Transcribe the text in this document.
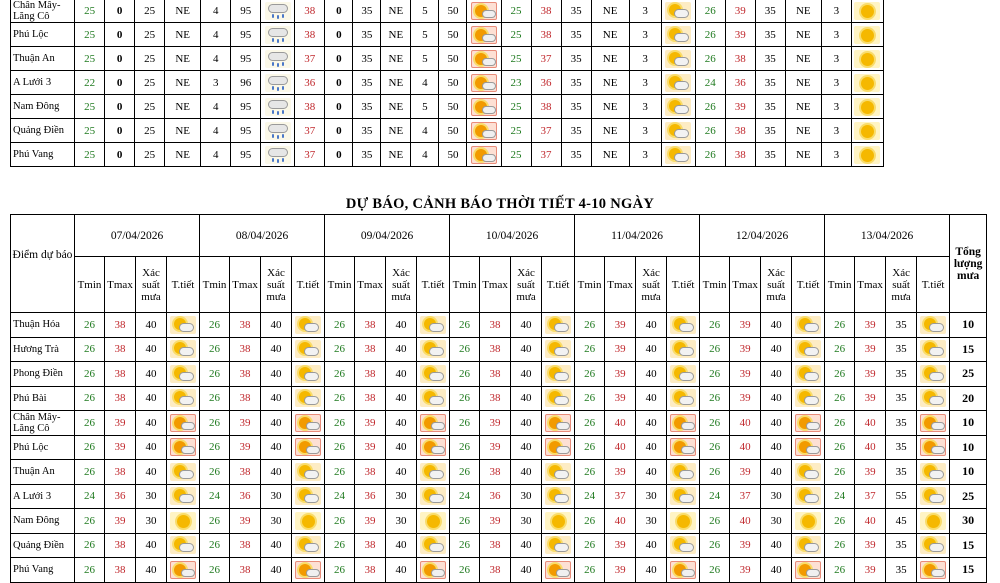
Chân Mây-Lăng Cô	25	0	25	NE	4	95		38	0	35	NE	5	50		25	38	35	NE	3		26	39	35	NE	3	

Phú Lộc	25	0	25	NE	4	95		38	0	35	NE	5	50		25	38	35	NE	3		26	39	35	NE	3	

Thuận An	25	0	25	NE	4	95		37	0	35	NE	5	50		25	37	35	NE	3		26	38	35	NE	3	

A Lưới 3	22	0	25	NE	3	96		36	0	35	NE	4	50		23	36	35	NE	3		24	36	35	NE	3	

Nam Đông	25	0	25	NE	4	95		38	0	35	NE	5	50		25	38	35	NE	3		26	39	35	NE	3	

Quảng Điền	25	0	25	NE	4	95		37	0	35	NE	4	50		25	37	35	NE	3		26	38	35	NE	3	

Phú Vang	25	0	25	NE	4	95		37	0	35	NE	4	50		25	37	35	NE	3		26	38	35	NE	3	
DỰ BÁO, CẢNH BÁO THỜI TIẾT 4-10 NGÀY
Điểm dự báo	07/04/2026				08/04/2026				09/04/2026				10/04/2026				11/04/2026				12/04/2026				13/04/2026				Tổng lượng mưa
	Tmin	Tmax	Xác suất mưa	T.tiết	Tmin	Tmax	Xác suất mưa	T.tiết	Tmin	Tmax	Xác suất mưa	T.tiết	Tmin	Tmax	Xác suất mưa	T.tiết	Tmin	Tmax	Xác suất mưa	T.tiết	Tmin	Tmax	Xác suất mưa	T.tiết	Tmin	Tmax	Xác suất mưa	T.tiết	
Thuận Hóa	26	38	40		26	38	40		26	38	40		26	38	40		26	39	40		26	39	40		26	39	35		10
Hương Trà	26	38	40		26	38	40		26	38	40		26	38	40		26	39	40		26	39	40		26	39	35		15
Phong Điền	26	38	40		26	38	40		26	38	40		26	38	40		26	39	40		26	39	40		26	39	35		25
Phú Bài	26	38	40		26	38	40		26	38	40		26	38	40		26	39	40		26	39	40		26	39	35		20
Chân Mây-Lăng Cô	26	39	40		26	39	40		26	39	40		26	39	40		26	40	40		26	40	40		26	40	35		10
Phú Lộc	26	39	40		26	39	40		26	39	40		26	39	40		26	40	40		26	40	40		26	40	35		10
Thuận An	26	38	40		26	38	40		26	38	40		26	38	40		26	39	40		26	39	40		26	39	35		10
A Lưới 3	24	36	30		24	36	30		24	36	30		24	36	30		24	37	30		24	37	30		24	37	55		25
Nam Đông	26	39	30		26	39	30		26	39	30		26	39	30		26	40	30		26	40	30		26	40	45		30
Quảng Điền	26	38	40		26	38	40		26	38	40		26	38	40		26	39	40		26	39	40		26	39	35		15
Phú Vang	26	38	40		26	38	40		26	38	40		26	38	40		26	39	40		26	39	40		26	39	35		15
